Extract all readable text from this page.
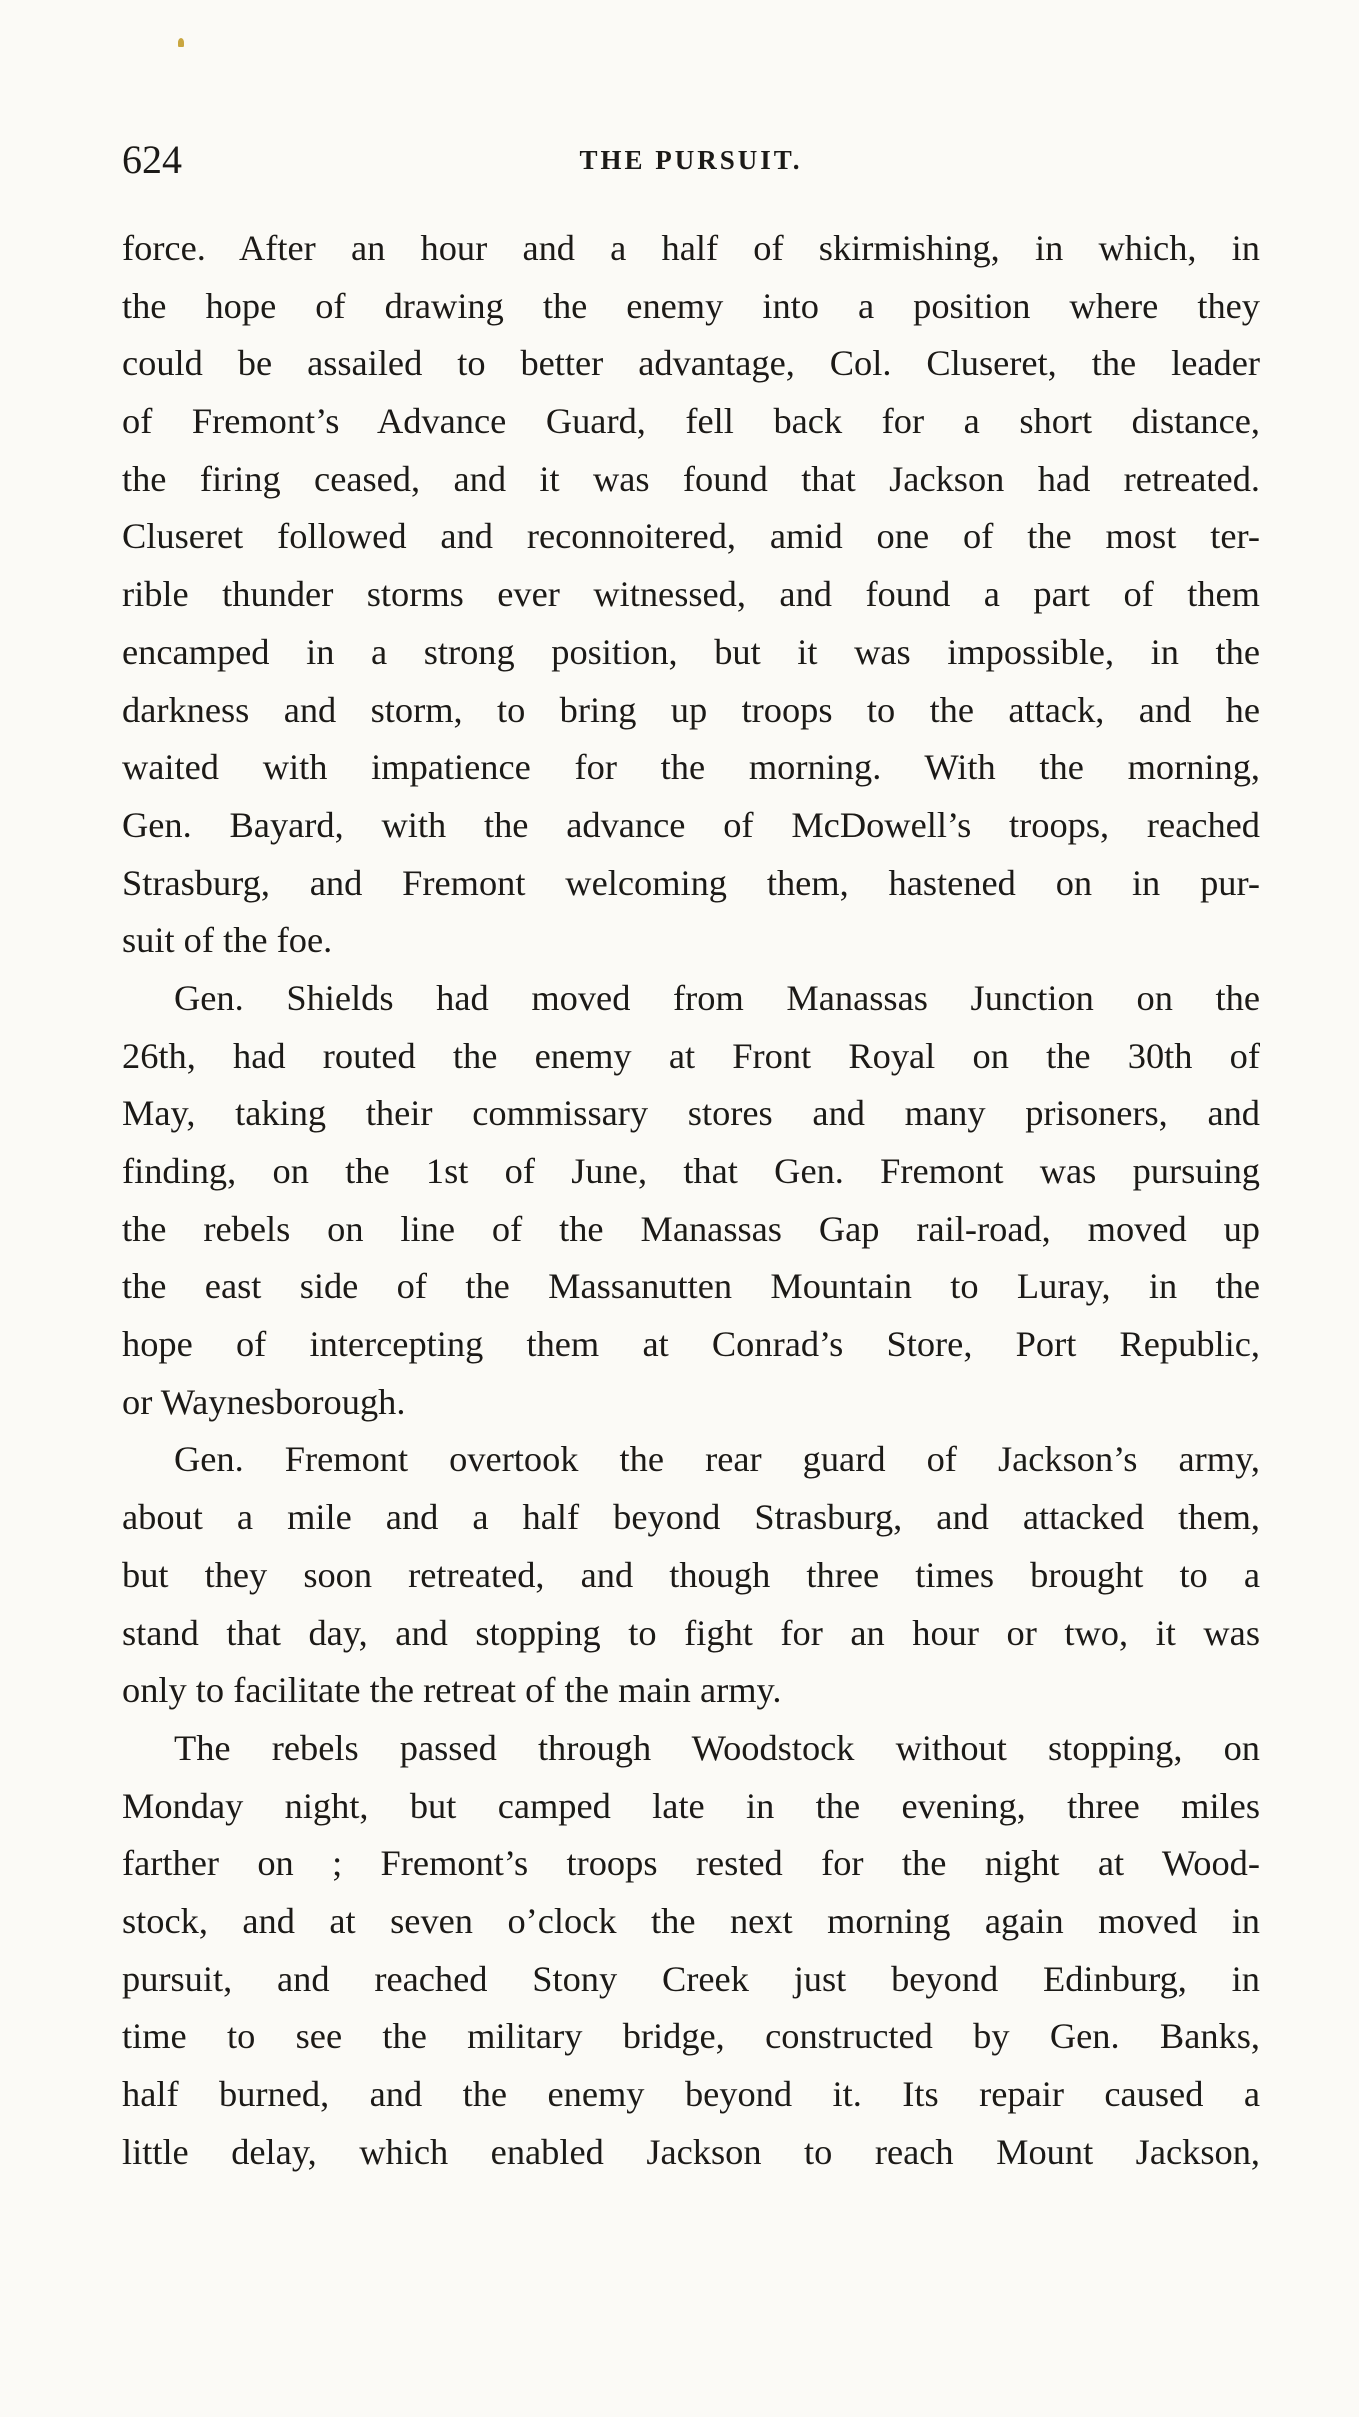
624	THE PURSUIT.
force. After an hour and a half of skirmishing, in which, in
the hope of drawing the enemy into a position where they
could be assailed to better advantage, Col. Cluseret, the leader
of Fremont’s Advance Guard, fell back for a short distance,
the firing ceased, and it was found that Jackson had retreated.
Cluseret followed and reconnoitered, amid one of the most ter-
rible thunder storms ever witnessed, and found a part of them
encamped in a strong position, but it was impossible, in the
darkness and storm, to bring up troops to the attack, and he
waited with impatience for the morning. With the morning,
Gen. Bayard, with the advance of McDowell’s troops, reached
Strasburg, and Fremont welcoming them, hastened on in pur-
suit of the foe.
Gen. Shields had moved from Manassas Junction on the
26th, had routed the enemy at Front Royal on the 30th of
May, taking their commissary stores and many prisoners, and
finding, on the 1st of June, that Gen. Fremont was pursuing
the rebels on line of the Manassas Gap rail-road, moved up
the east side of the Massanutten Mountain to Luray, in the
hope of intercepting them at Conrad’s Store, Port Republic,
or Waynesborough.
Gen. Fremont overtook the rear guard of Jackson’s army,
about a mile and a half beyond Strasburg, and attacked them,
but they soon retreated, and though three times brought to a
stand that day, and stopping to fight for an hour or two, it was
only to facilitate the retreat of the main army.
The rebels passed through Woodstock without stopping, on
Monday night, but camped late in the evening, three miles
farther on ; Fremont’s troops rested for the night at Wood-
stock, and at seven o’clock the next morning again moved in
pursuit, and reached Stony Creek just beyond Edinburg, in
time to see the military bridge, constructed by Gen. Banks,
half burned, and the enemy beyond it. Its repair caused a
little delay, which enabled Jackson to reach Mount Jackson,
